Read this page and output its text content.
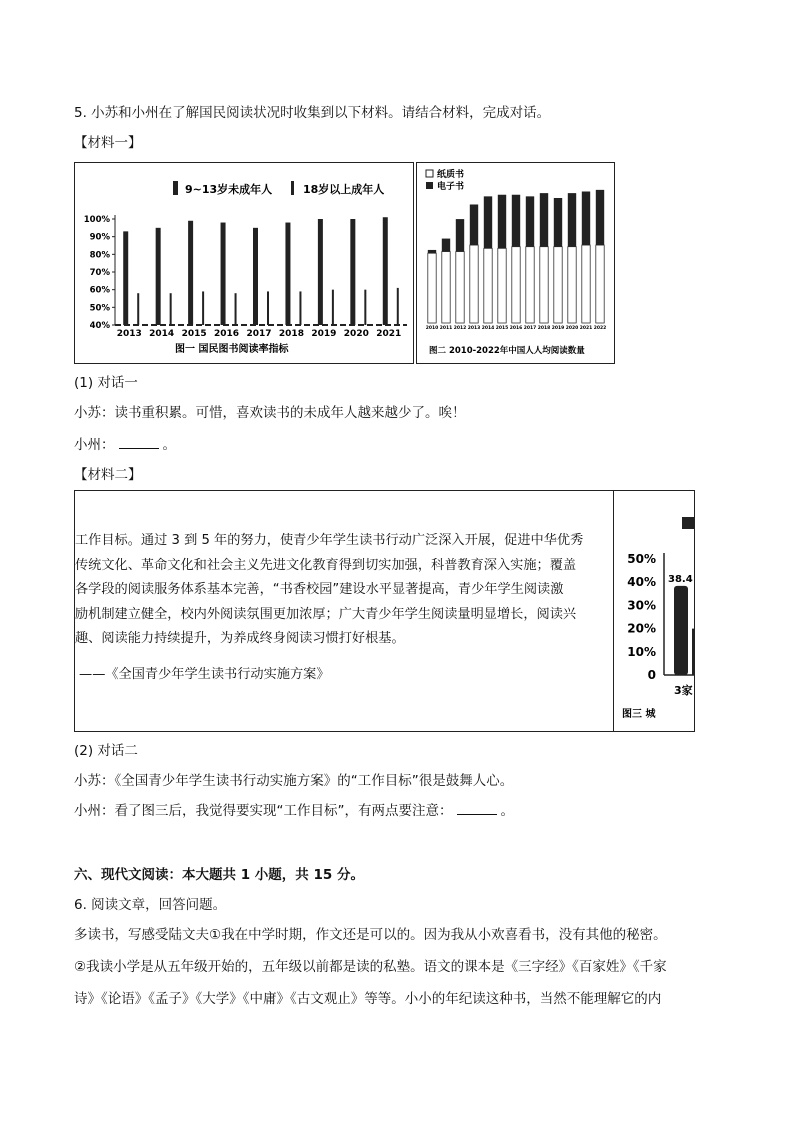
5. 小苏和小州在了解国民阅读状况时收集到以下材料。请结合材料，完成对话。
【材料一】
9~13岁未成年人	18岁以上成年人
100%
90%
80%
70%
60%
50%
40%
2013 2014 2015 2016 2017 2018 2019 2020 2021
图一 国民图书阅读率指标
纸质书
电子书
2010 2011 2012 2013 2014 2015 2016 2017 2018 2019 2020 2021 2022
图二 2010-2022年中国人人均阅读数量
(1) 对话一
小苏：读书重积累。可惜，喜欢读书的未成年人越来越少了。唉！
小州：	。
【材料二】

工作目标。通过 3 到 5 年的努力，使青少年学生读书行动广泛深入开展，促进中华优秀

传统文化、革命文化和社会主义先进文化教育得到切实加强，科普教育深入实施；覆盖

各学段的阅读服务体系基本完善，“书香校园”建设水平显著提高，青少年学生阅读激

励机制建立健全，校内外阅读氛围更加浓厚；广大青少年学生阅读量明显增长，阅读兴

趣、阅读能力持续提升，为养成终身阅读习惯打好根基。

——《全国青少年学生读书行动实施方案》
50%
40%
30%
20%
10%
0
38.4
3家
图三 城
(2) 对话二
小苏：《全国青少年学生读书行动实施方案》的“工作目标”很是鼓舞人心。
小州：看了图三后，我觉得要实现“工作目标”，有两点要注意：	。
六、现代文阅读：本大题共 1 小题，共 15 分。
6. 阅读文章，回答问题。
多读书，写感受陆文夫①我在中学时期，作文还是可以的。因为我从小欢喜看书，没有其他的秘密。
②我读小学是从五年级开始的，五年级以前都是读的私塾。语文的课本是《三字经》《百家姓》《千家
诗》《论语》《孟子》《大学》《中庸》《古文观止》等等。小小的年纪读这种书，当然不能理解它的内
